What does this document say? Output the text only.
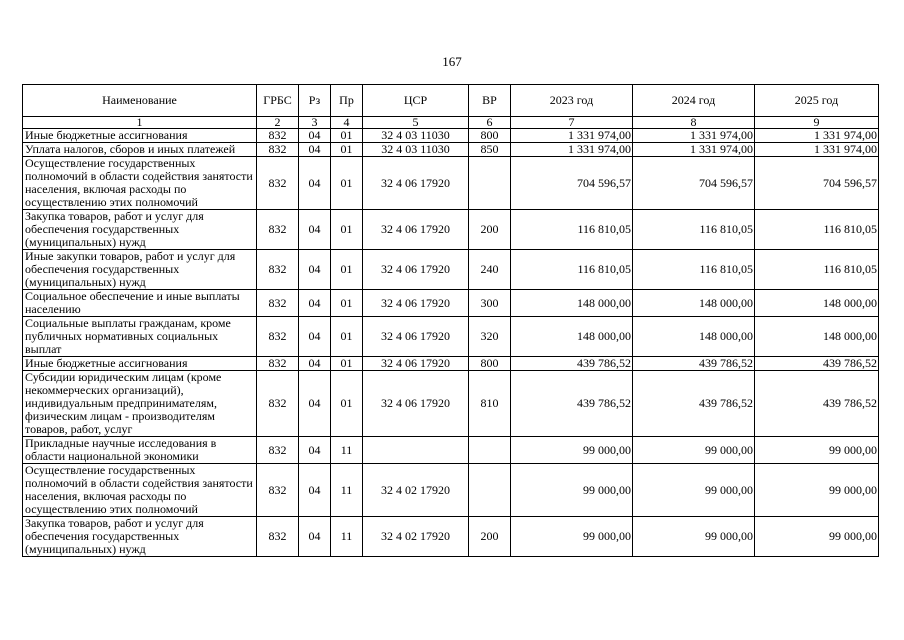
167
Наименование	ГРБС	Рз	Пр	ЦСР	ВР	2023 год	2024 год	2025 год
1	2	3	4	5	6	7	8	9
Иные бюджетные ассигнования	832	04	01	32 4 03 11030	800	1 331 974,00	1 331 974,00	1 331 974,00
Уплата налогов, сборов и иных платежей	832	04	01	32 4 03 11030	850	1 331 974,00	1 331 974,00	1 331 974,00
Осуществление государственных полномочий в области содействия занятости населения, включая расходы по осуществлению этих полномочий	832	04	01	32 4 06 17920		704 596,57	704 596,57	704 596,57
Закупка товаров, работ и услуг для обеспечения государственных (муниципальных) нужд	832	04	01	32 4 06 17920	200	116 810,05	116 810,05	116 810,05
Иные закупки товаров, работ и услуг для обеспечения государственных (муниципальных) нужд	832	04	01	32 4 06 17920	240	116 810,05	116 810,05	116 810,05
Социальное обеспечение и иные выплаты населению	832	04	01	32 4 06 17920	300	148 000,00	148 000,00	148 000,00
Социальные выплаты гражданам, кроме публичных нормативных социальных выплат	832	04	01	32 4 06 17920	320	148 000,00	148 000,00	148 000,00
Иные бюджетные ассигнования	832	04	01	32 4 06 17920	800	439 786,52	439 786,52	439 786,52
Субсидии юридическим лицам (кроме некоммерческих организаций), индивидуальным предпринимателям, физическим лицам - производителям товаров, работ, услуг	832	04	01	32 4 06 17920	810	439 786,52	439 786,52	439 786,52
Прикладные научные исследования в области национальной экономики	832	04	11			99 000,00	99 000,00	99 000,00
Осуществление государственных полномочий в области содействия занятости населения, включая расходы по осуществлению этих полномочий	832	04	11	32 4 02 17920		99 000,00	99 000,00	99 000,00
Закупка товаров, работ и услуг для обеспечения государственных (муниципальных) нужд	832	04	11	32 4 02 17920	200	99 000,00	99 000,00	99 000,00
